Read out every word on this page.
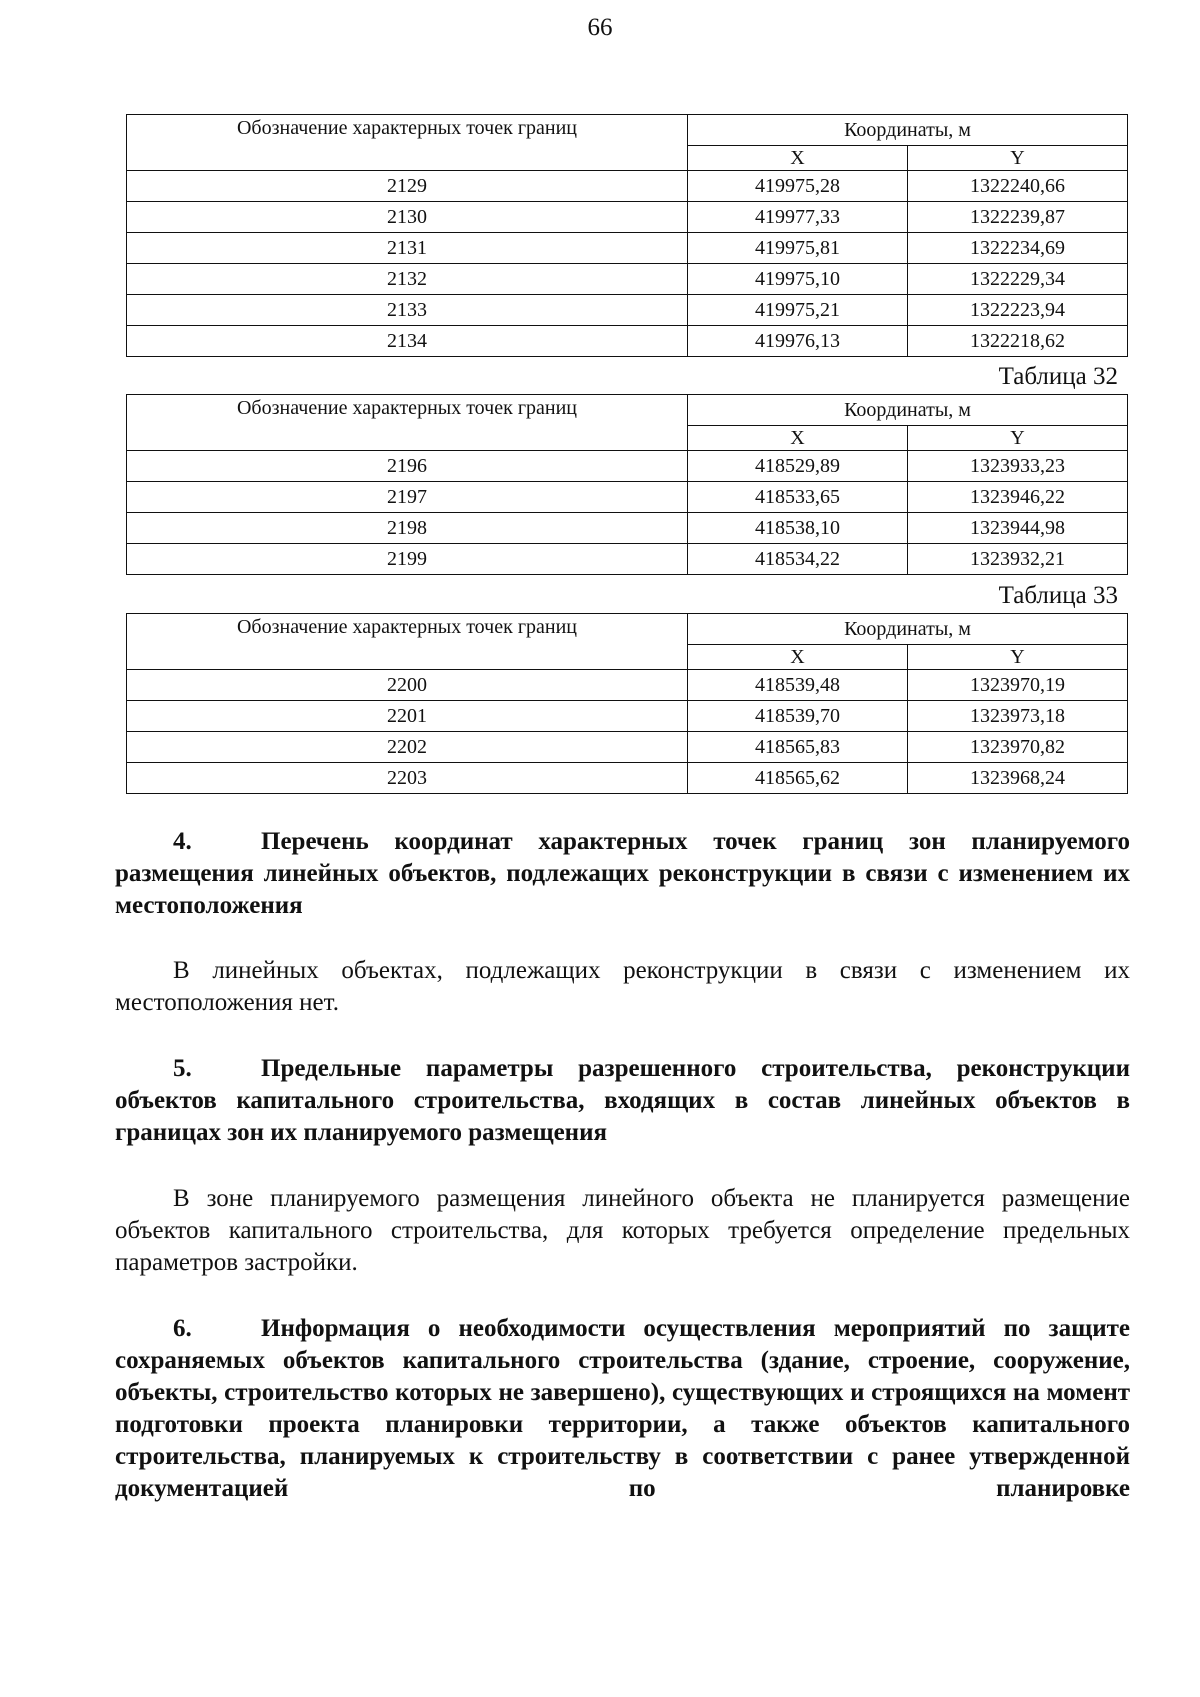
66
Обозначение характерных точек границ	Координаты, м	
	X	Y
2129	419975,28	1322240,66
2130	419977,33	1322239,87
2131	419975,81	1322234,69
2132	419975,10	1322229,34
2133	419975,21	1322223,94
2134	419976,13	1322218,62
Таблица 32
Обозначение характерных точек границ	Координаты, м	
	X	Y
2196	418529,89	1323933,23
2197	418533,65	1323946,22
2198	418538,10	1323944,98
2199	418534,22	1323932,21
Таблица 33
Обозначение характерных точек границ	Координаты, м	
	X	Y
2200	418539,48	1323970,19
2201	418539,70	1323973,18
2202	418565,83	1323970,82
2203	418565,62	1323968,24
4.	Перечень координат характерных точек границ зон планируемого размещения линейных объектов, подлежащих реконструкции в связи с изменением их местоположения
В линейных объектах, подлежащих реконструкции в связи с изменением их местоположения нет.
5.	Предельные параметры разрешенного строительства, реконструкции объектов капитального строительства, входящих в состав линейных объектов в границах зон их планируемого размещения
В зоне планируемого размещения линейного объекта не планируется размещение объектов капитального строительства, для которых требуется определение предельных параметров застройки.
6.	Информация о необходимости осуществления мероприятий по защите сохраняемых объектов капитального строительства (здание, строение, сооружение, объекты, строительство которых не завершено), существующих и строящихся на момент подготовки проекта планировки территории, а также объектов капитального строительства, планируемых к строительству в соответствии с ранее утвержденной документацией по планировке
